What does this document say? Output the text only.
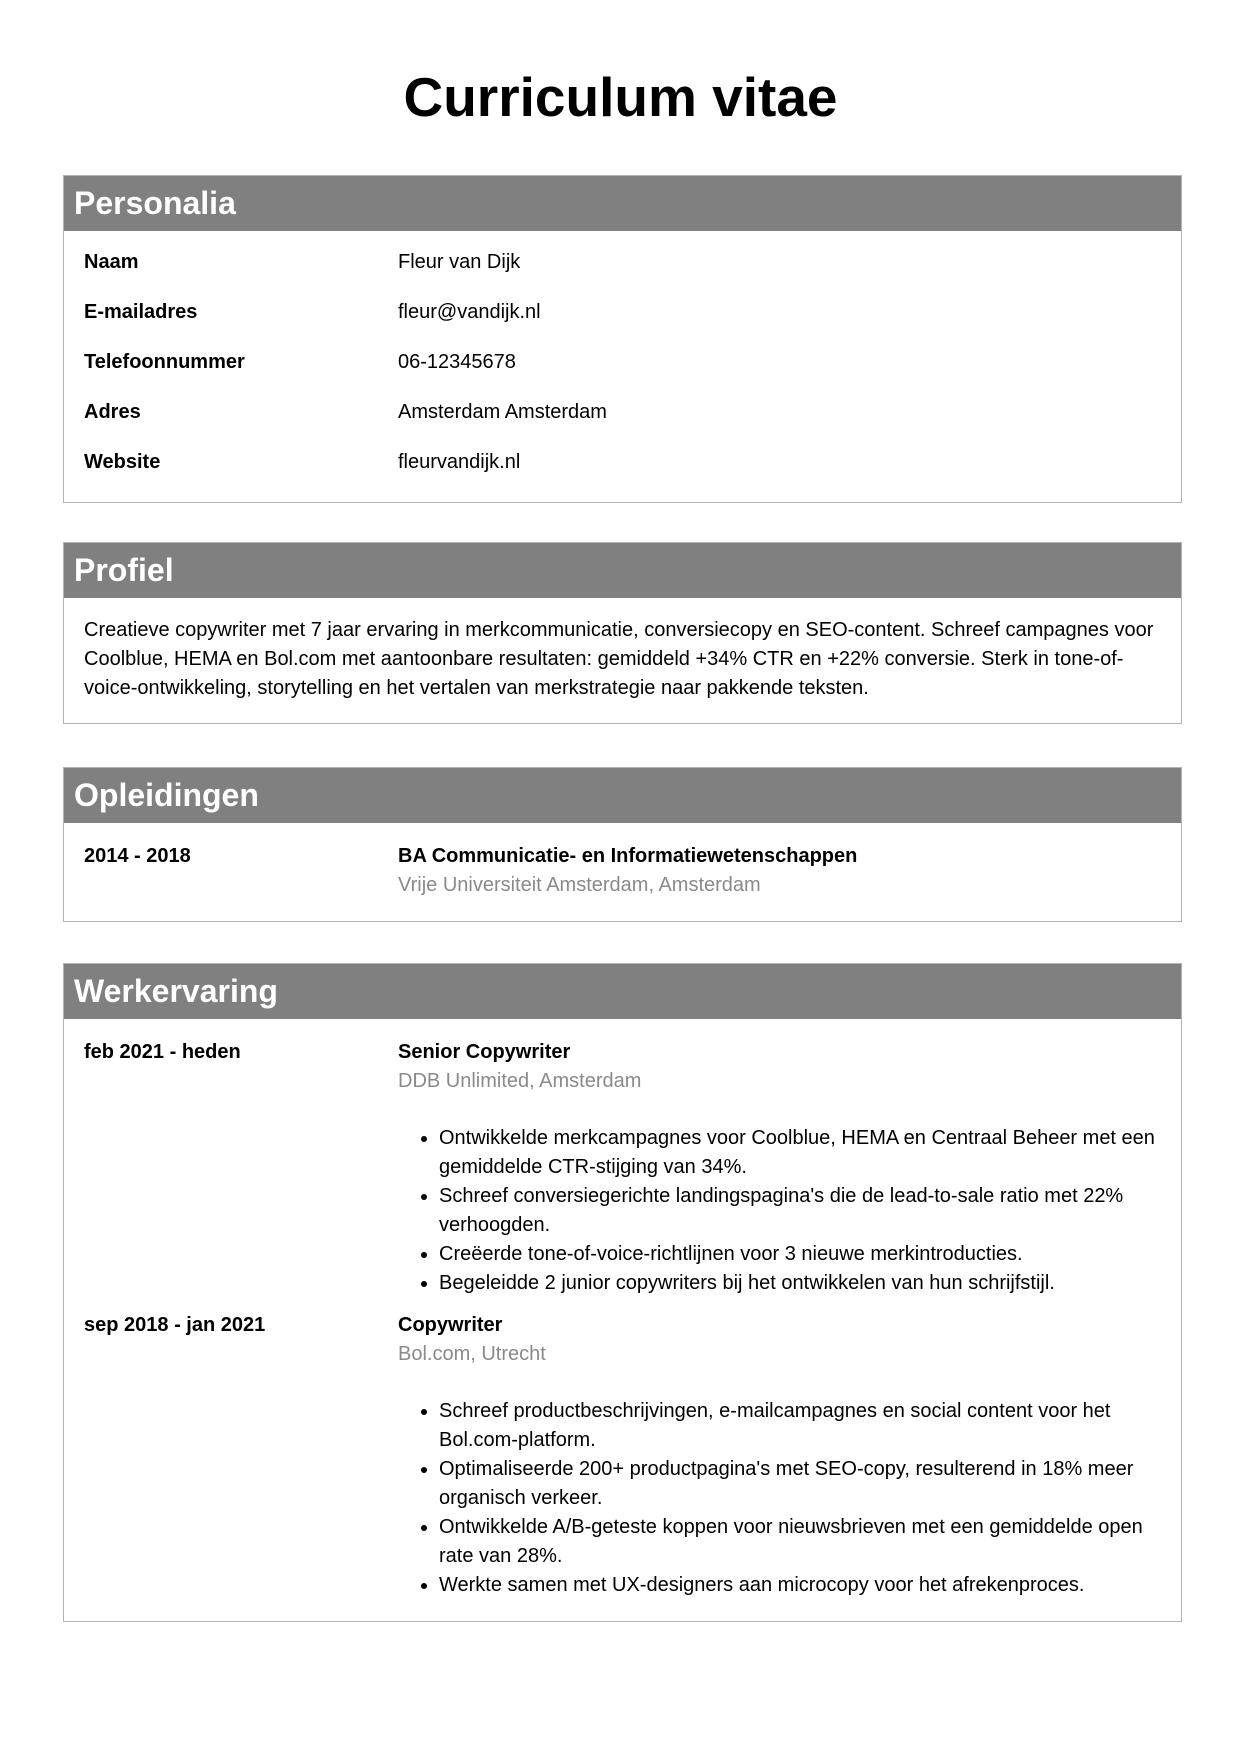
Curriculum vitae
Personalia
Naam	Fleur van Dijk
E-mailadres	fleur@vandijk.nl
Telefoonnummer	06-12345678
Adres	Amsterdam Amsterdam
Website	fleurvandijk.nl
Profiel

Creatieve copywriter met 7 jaar ervaring in merkcommunicatie, conversiecopy en SEO-content. Schreef campagnes voor Coolblue, HEMA en Bol.com met aantoonbare resultaten: gemiddeld +34% CTR en +22% conversie. Sterk in tone-of-voice-ontwikkeling, storytelling en het vertalen van merkstrategie naar pakkende teksten.

Opleidingen
2014 - 2018	BA Communicatie- en Informatiewetenschappen
Vrije Universiteit Amsterdam, Amsterdam
Werkervaring
feb 2021 - heden	Senior Copywriter
DDB Unlimited, Amsterdam
• Ontwikkelde merkcampagnes voor Coolblue, HEMA en Centraal Beheer met een gemiddelde CTR-stijging van 34%.
• Schreef conversiegerichte landingspagina's die de lead-to-sale ratio met 22% verhoogden.
• Creëerde tone-of-voice-richtlijnen voor 3 nieuwe merkintroducties.
• Begeleidde 2 junior copywriters bij het ontwikkelen van hun schrijfstijl.
sep 2018 - jan 2021	Copywriter
Bol.com, Utrecht
• Schreef productbeschrijvingen, e-mailcampagnes en social content voor het Bol.com-platform.
• Optimaliseerde 200+ productpagina's met SEO-copy, resulterend in 18% meer organisch verkeer.
• Ontwikkelde A/B-geteste koppen voor nieuwsbrieven met een gemiddelde open rate van 28%.
• Werkte samen met UX-designers aan microcopy voor het afrekenproces.
